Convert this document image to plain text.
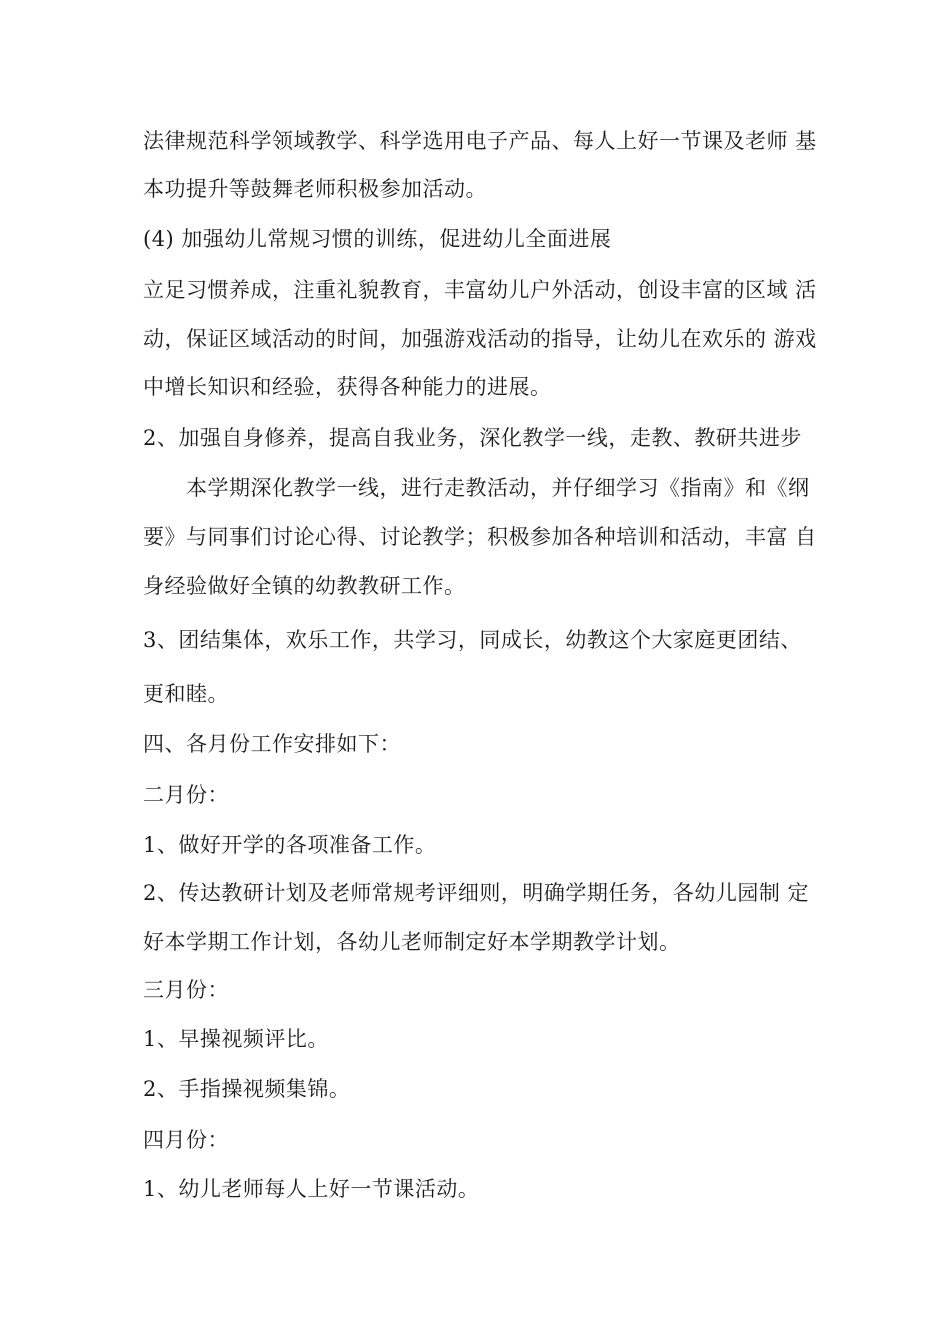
法律规范科学领域教学、科学选用电子产品、每人上好一节课及老师 基
本功提升等鼓舞老师积极参加活动。
(4) 加强幼儿常规习惯的训练，促进幼儿全面进展
立足习惯养成，注重礼貌教育，丰富幼儿户外活动，创设丰富的区域 活
动，保证区域活动的时间，加强游戏活动的指导，让幼儿在欢乐的 游戏
中增长知识和经验，获得各种能力的进展。
2、加强自身修养，提高自我业务，深化教学一线，走教、教研共进步
本学期深化教学一线，进行走教活动，并仔细学习《指南》和《纲
要》与同事们讨论心得、讨论教学；积极参加各种培训和活动，丰富 自
身经验做好全镇的幼教教研工作。
3、团结集体，欢乐工作，共学习，同成长，幼教这个大家庭更团结、
更和睦。
四、各月份工作安排如下：
二月份：
1、做好开学的各项准备工作。
2、传达教研计划及老师常规考评细则，明确学期任务，各幼儿园制 定
好本学期工作计划，各幼儿老师制定好本学期教学计划。
三月份：
1、早操视频评比。
2、手指操视频集锦。
四月份：
1、幼儿老师每人上好一节课活动。
